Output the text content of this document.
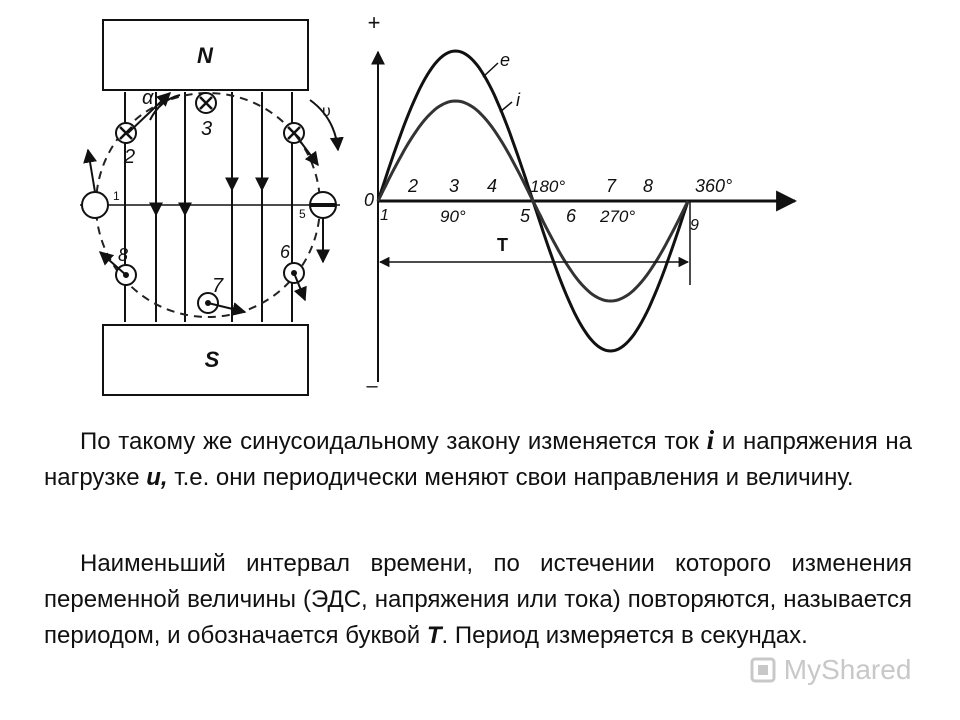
N
S
1
2
3
5
6
7
8
α
υ
+
–
0
e
i
2 3 4 180° 7 8 360°
1	90°	5 6 270°	9
T
По такому же синусоидальному закону изменяется ток i и напряжения на нагрузке u, т.е. они периодически меняют свои направления и величину.
Наименьший интервал времени, по истечении которого изменения переменной величины (ЭДС, напряжения или тока) повторяются, называется периодом, и обозначается буквой T. Период измеряется в секундах.
MyShared
